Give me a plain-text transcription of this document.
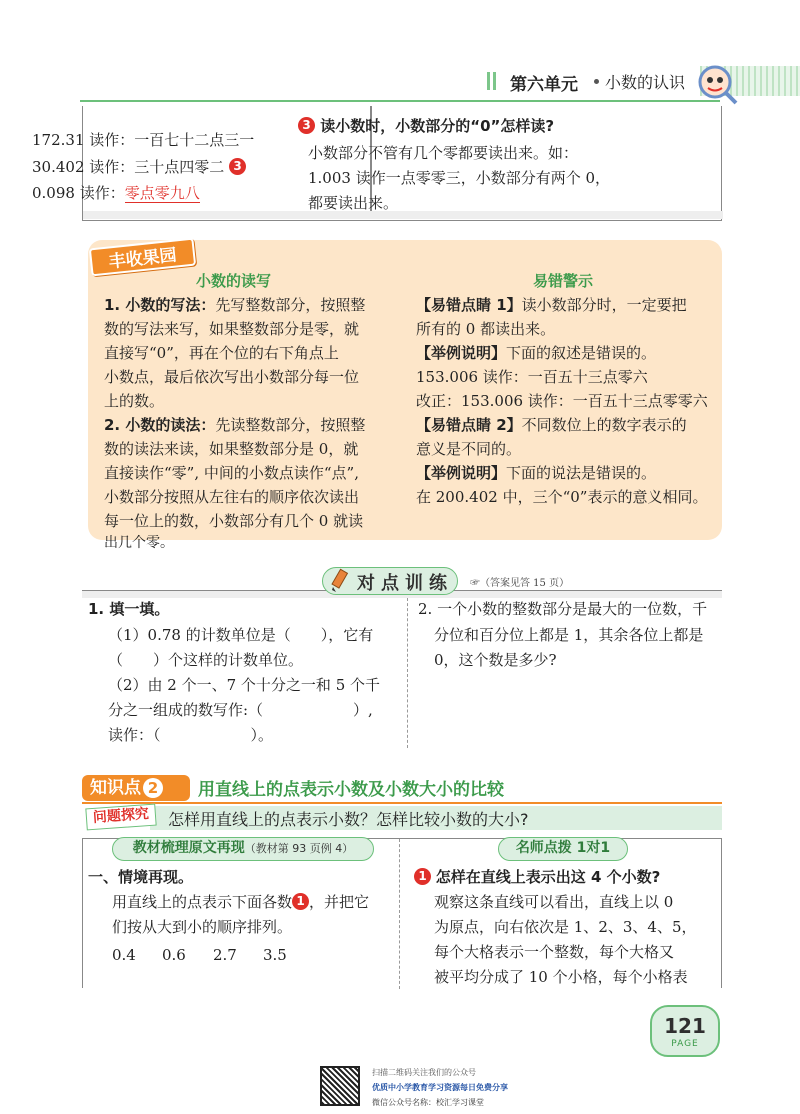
第六单元 小数的认识
172.31 读作：一百七十二点三一
30.402 读作：三十点四零二 3
0.098 读作：零点零九八
3 读小数时，小数部分的“0”怎样读?
小数部分不管有几个零都要读出来。如：
1.003 读作一点零零三，小数部分有两个 0，
都要读出来。
丰收果园
小数的读写
1. 小数的写法：先写整数部分，按照整
数的写法来写，如果整数部分是零，就
直接写“0”，再在个位的右下角点上
小数点，最后依次写出小数部分每一位
上的数。
2. 小数的读法：先读整数部分，按照整
数的读法来读，如果整数部分是 0，就
直接读作“零”, 中间的小数点读作“点”,
小数部分按照从左往右的顺序依次读出
每一位上的数，小数部分有几个 0 就读
出几个零。
易错警示
【易错点睛 1】读小数部分时，一定要把
所有的 0 都读出来。
【举例说明】下面的叙述是错误的。
153.006 读作：一百五十三点零六
改正：153.006 读作：一百五十三点零零六
【易错点睛 2】不同数位上的数字表示的
意义是不同的。
【举例说明】下面的说法是错误的。
在 200.402 中，三个“0”表示的意义相同。
对点训练 ☞（答案见答 15 页）
1. 填一填。
（1）0.78 的计数单位是（　　），它有
（　　）个这样的计数单位。
（2）由 2 个一、7 个十分之一和 5 个千
分之一组成的数写作:（　　　　　　）,
读作：（　　　　　　）。
2. 一个小数的整数部分是最大的一位数，千
分位和百分位上都是 1，其余各位上都是
0，这个数是多少?
知识点 2	用直线上的点表示小数及小数大小的比较
问题探究	怎样用直线上的点表示小数？怎样比较小数的大小?
教材梳理原文再现（教材第 93 页例 4）
一、情境再现。
用直线上的点表示下面各数 1 ，并把它
们按从大到小的顺序排列。
0.4 0.6 2.7 3.5
名师点拨 1对1
1 怎样在直线上表示出这 4 个小数?
观察这条直线可以看出，直线上以 0
为原点，向右依次是 1、2、3、4、5，
每个大格表示一个整数，每个大格又
被平均分成了 10 个小格，每个小格表
121
PAGE
扫描二维码关注我们的公众号
优质中小学教育学习资源每日免费分享
微信公众号名称：校汇学习课堂
